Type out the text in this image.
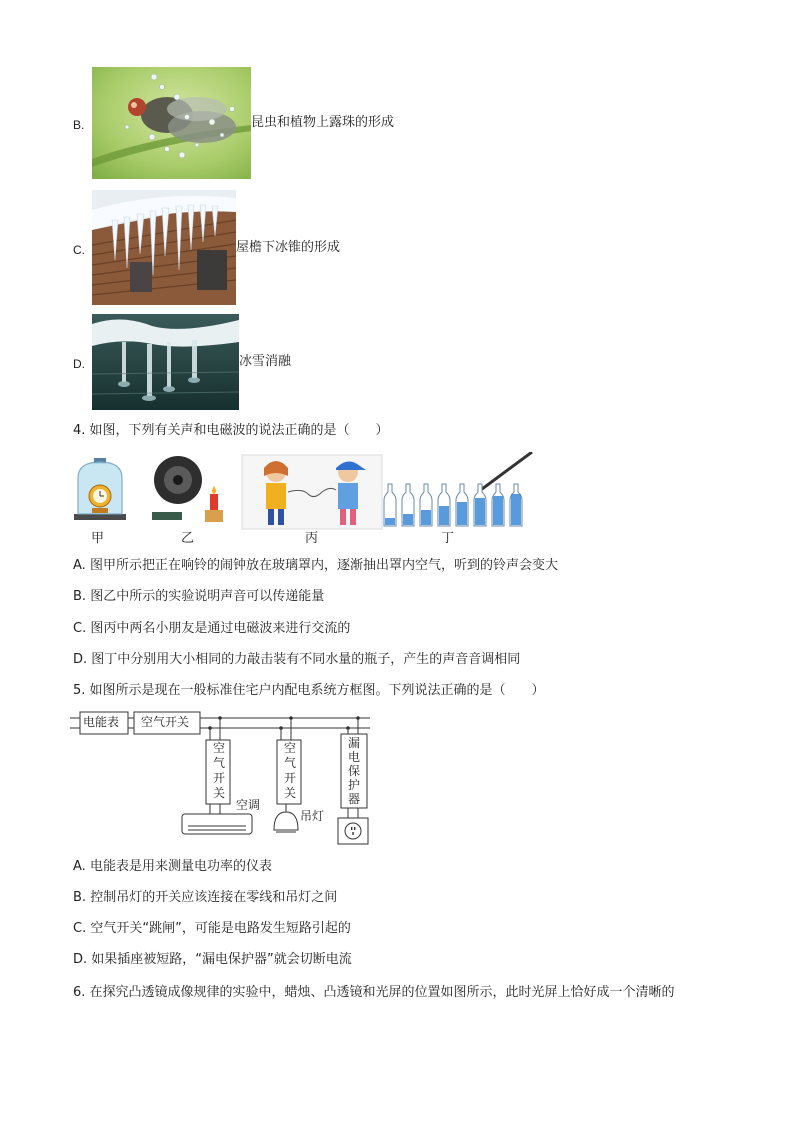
B.	昆虫和植物上露珠的形成
C.	屋檐下冰锥的形成
D.	冰雪消融
4. 如图，下列有关声和电磁波的说法正确的是（　　）
甲	乙	丙	丁
A. 图甲所示把正在响铃的闹钟放在玻璃罩内，逐渐抽出罩内空气，听到的铃声会变大
B. 图乙中所示的实验说明声音可以传递能量
C. 图丙中两名小朋友是通过电磁波来进行交流的
D. 图丁中分别用大小相同的力敲击装有不同水量的瓶子，产生的声音音调相同
5. 如图所示是现在一般标准住宅户内配电系统方框图。下列说法正确的是（　　）
电能表 空气开关
空
气
开
关
空
气
开
关
漏
电
保
护
器
空调
吊灯
A. 电能表是用来测量电功率的仪表
B. 控制吊灯的开关应该连接在零线和吊灯之间
C. 空气开关“跳闸”，可能是电路发生短路引起的
D. 如果插座被短路，“漏电保护器”就会切断电流
6. 在探究凸透镜成像规律的实验中，蜡烛、凸透镜和光屏的位置如图所示，此时光屏上恰好成一个清晰的
